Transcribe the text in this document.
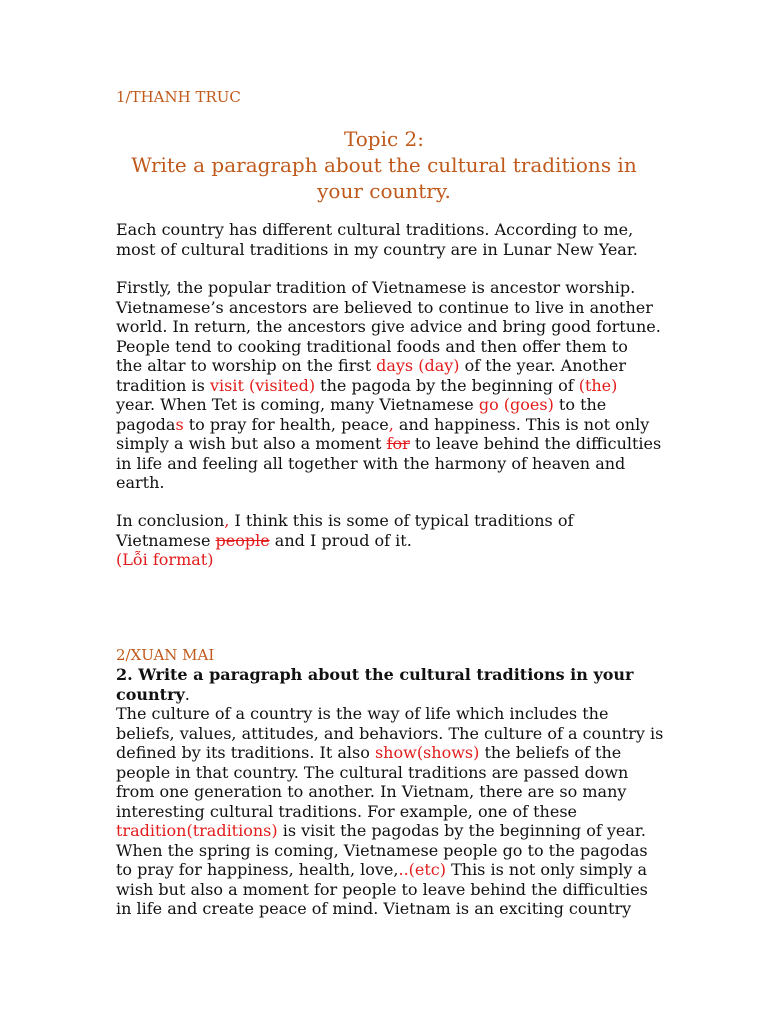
1/THANH TRUC
Topic 2:
Write a paragraph about the cultural traditions in
your country.
Each country has different cultural traditions. According to me,
most of cultural traditions in my country are in Lunar New Year.
Firstly, the popular tradition of Vietnamese is ancestor worship.
Vietnamese’s ancestors are believed to continue to live in another
world. In return, the ancestors give advice and bring good fortune.
People tend to cooking traditional foods and then offer them to
the altar to worship on the first days (day) of the year. Another
tradition is visit (visited) the pagoda by the beginning of (the)
year. When Tet is coming, many Vietnamese go (goes) to the
pagodas to pray for health, peace, and happiness. This is not only
simply a wish but also a moment for to leave behind the difficulties
in life and feeling all together with the harmony of heaven and
earth.
In conclusion, I think this is some of typical traditions of
Vietnamese people and I proud of it.
(Lỗi format)
2/XUAN MAI
2. Write a paragraph about the cultural traditions in your
country.
The culture of a country is the way of life which includes the
beliefs, values, attitudes, and behaviors. The culture of a country is
defined by its traditions. It also show(shows) the beliefs of the
people in that country. The cultural traditions are passed down
from one generation to another. In Vietnam, there are so many
interesting cultural traditions. For example, one of these
tradition(traditions) is visit the pagodas by the beginning of year.
When the spring is coming, Vietnamese people go to the pagodas
to pray for happiness, health, love,..(etc) This is not only simply a
wish but also a moment for people to leave behind the difficulties
in life and create peace of mind. Vietnam is an exciting country
